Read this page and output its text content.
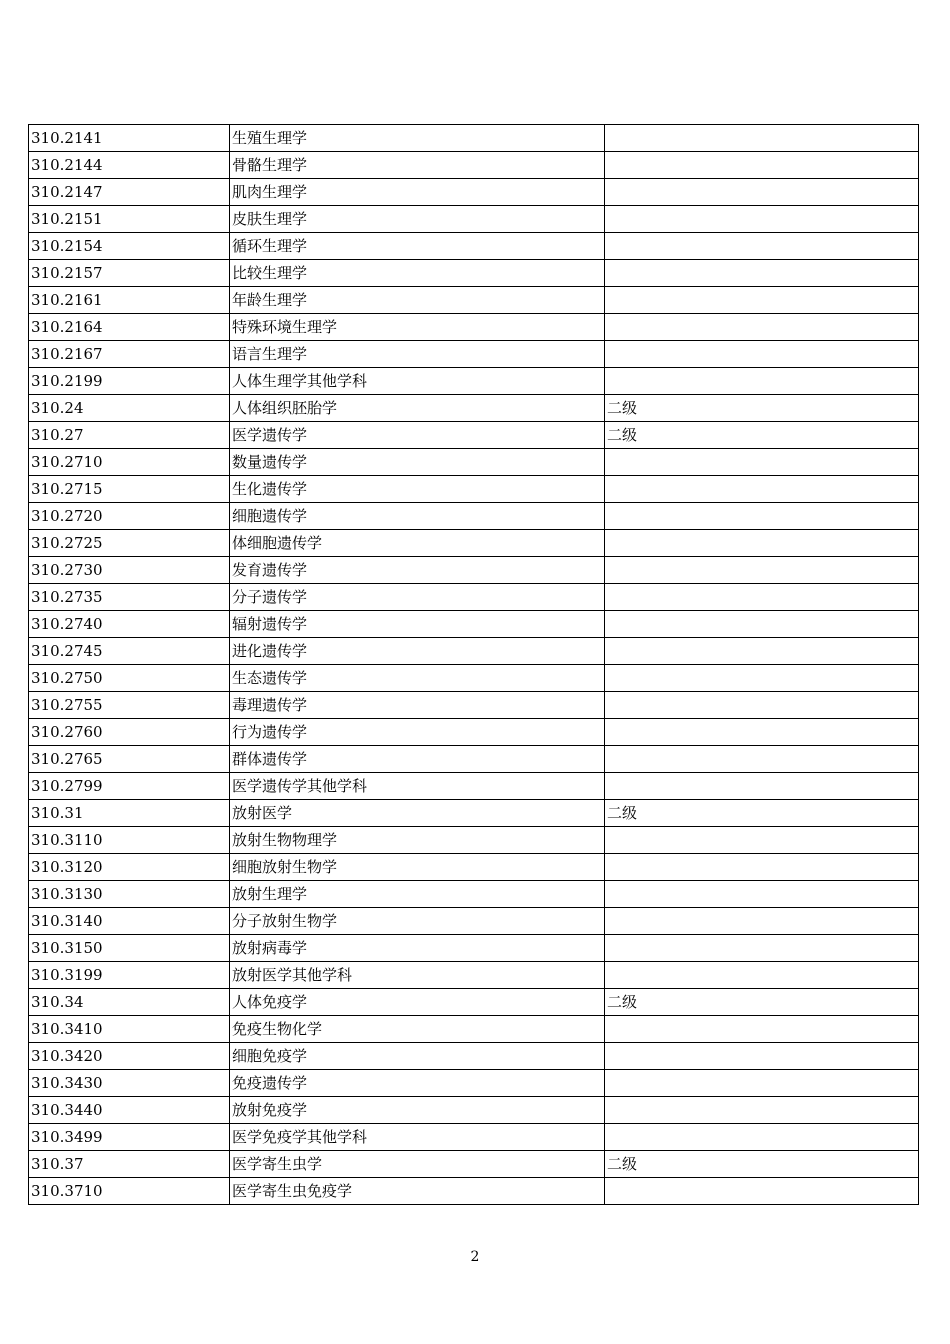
310.2141	生殖生理学	
310.2144	骨骼生理学	
310.2147	肌肉生理学	
310.2151	皮肤生理学	
310.2154	循环生理学	
310.2157	比较生理学	
310.2161	年龄生理学	
310.2164	特殊环境生理学	
310.2167	语言生理学	
310.2199	人体生理学其他学科	
310.24	人体组织胚胎学	二级
310.27	医学遗传学	二级
310.2710	数量遗传学	
310.2715	生化遗传学	
310.2720	细胞遗传学	
310.2725	体细胞遗传学	
310.2730	发育遗传学	
310.2735	分子遗传学	
310.2740	辐射遗传学	
310.2745	进化遗传学	
310.2750	生态遗传学	
310.2755	毒理遗传学	
310.2760	行为遗传学	
310.2765	群体遗传学	
310.2799	医学遗传学其他学科	
310.31	放射医学	二级
310.3110	放射生物物理学	
310.3120	细胞放射生物学	
310.3130	放射生理学	
310.3140	分子放射生物学	
310.3150	放射病毒学	
310.3199	放射医学其他学科	
310.34	人体免疫学	二级
310.3410	免疫生物化学	
310.3420	细胞免疫学	
310.3430	免疫遗传学	
310.3440	放射免疫学	
310.3499	医学免疫学其他学科	
310.37	医学寄生虫学	二级
310.3710	医学寄生虫免疫学	
2
